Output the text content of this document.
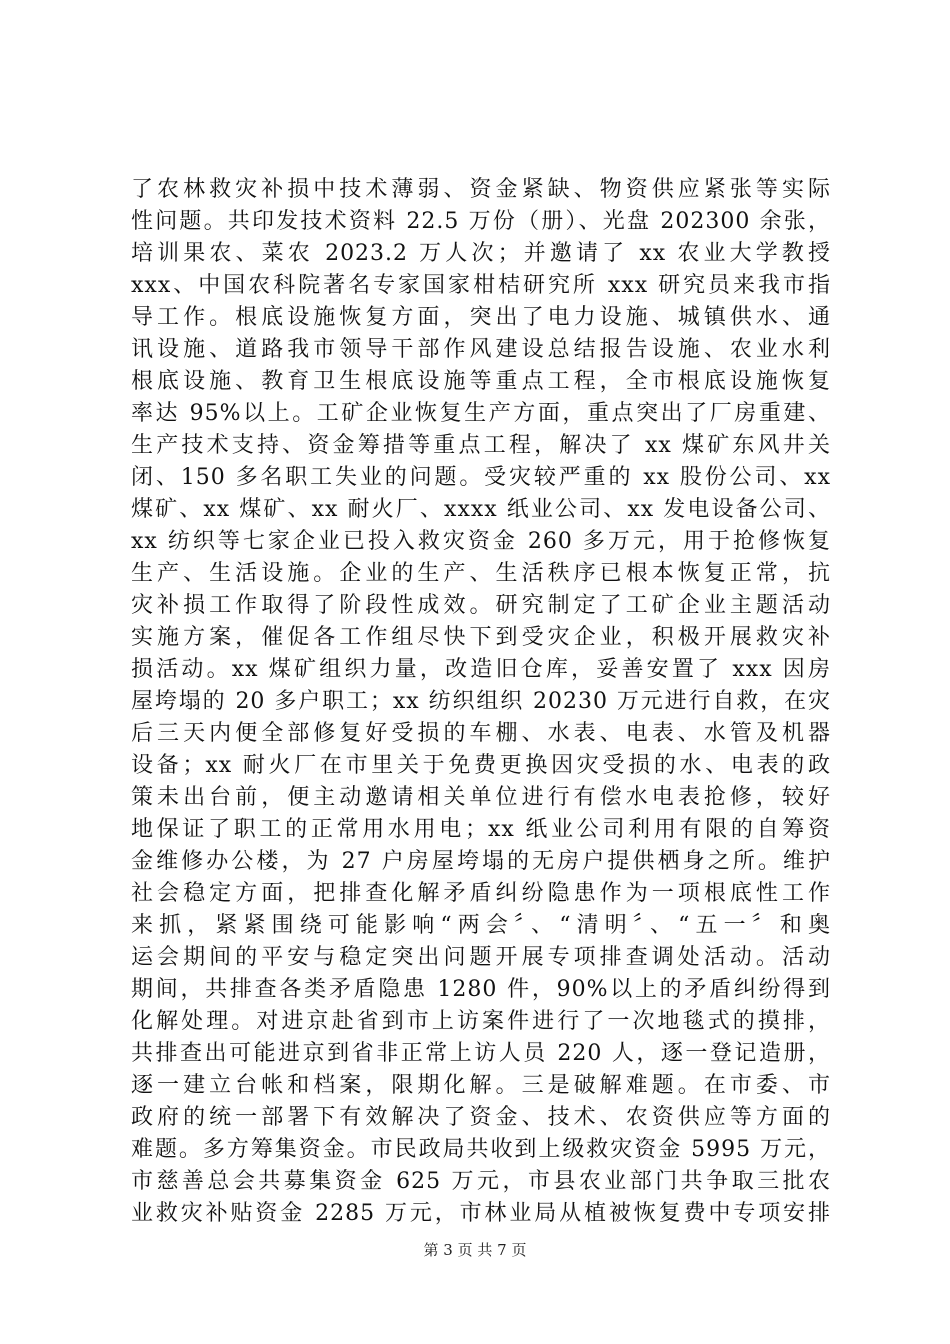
了农林救灾补损中技术薄弱、资金紧缺、物资供应紧张等实际
性问题。共印发技术资料 22.5 万份（册）、光盘 202300 余张，
培训果农、菜农 2023.2 万人次；并邀请了 xx 农业大学教授
xxx、中国农科院著名专家国家柑桔研究所 xxx 研究员来我市指
导工作。根底设施恢复方面，突出了电力设施、城镇供水、通
讯设施、道路我市领导干部作风建设总结报告设施、农业水利
根底设施、教育卫生根底设施等重点工程，全市根底设施恢复
率达 95%以上。工矿企业恢复生产方面，重点突出了厂房重建、
生产技术支持、资金筹措等重点工程，解决了 xx 煤矿东风井关
闭、150 多名职工失业的问题。受灾较严重的 xx 股份公司、xx
煤矿、xx 煤矿、xx 耐火厂、xxxx 纸业公司、xx 发电设备公司、
xx 纺织等七家企业已投入救灾资金 260 多万元，用于抢修恢复
生产、生活设施。企业的生产、生活秩序已根本恢复正常，抗
灾补损工作取得了阶段性成效。研究制定了工矿企业主题活动
实施方案，催促各工作组尽快下到受灾企业，积极开展救灾补
损活动。xx 煤矿组织力量，改造旧仓库，妥善安置了 xxx 因房
屋垮塌的 20 多户职工；xx 纺织组织 20230 万元进行自救，在灾
后三天内便全部修复好受损的车棚、水表、电表、水管及机器
设备；xx 耐火厂在市里关于免费更换因灾受损的水、电表的政
策未出台前，便主动邀请相关单位进行有偿水电表抢修，较好
地保证了职工的正常用水用电；xx 纸业公司利用有限的自筹资
金维修办公楼，为 27 户房屋垮塌的无房户提供栖身之所。维护
社会稳定方面，把排查化解矛盾纠纷隐患作为一项根底性工作
来抓，紧紧围绕可能影响“两会〞、“清明〞、“五一〞和奥
运会期间的平安与稳定突出问题开展专项排查调处活动。活动
期间，共排查各类矛盾隐患 1280 件，90%以上的矛盾纠纷得到
化解处理。对进京赴省到市上访案件进行了一次地毯式的摸排，
共排查出可能进京到省非正常上访人员 220 人，逐一登记造册，
逐一建立台帐和档案，限期化解。三是破解难题。在市委、市
政府的统一部署下有效解决了资金、技术、农资供应等方面的
难题。多方筹集资金。市民政局共收到上级救灾资金 5995 万元，
市慈善总会共募集资金 625 万元，市县农业部门共争取三批农
业救灾补贴资金 2285 万元，市林业局从植被恢复费中专项安排
第 3 页 共 7 页
